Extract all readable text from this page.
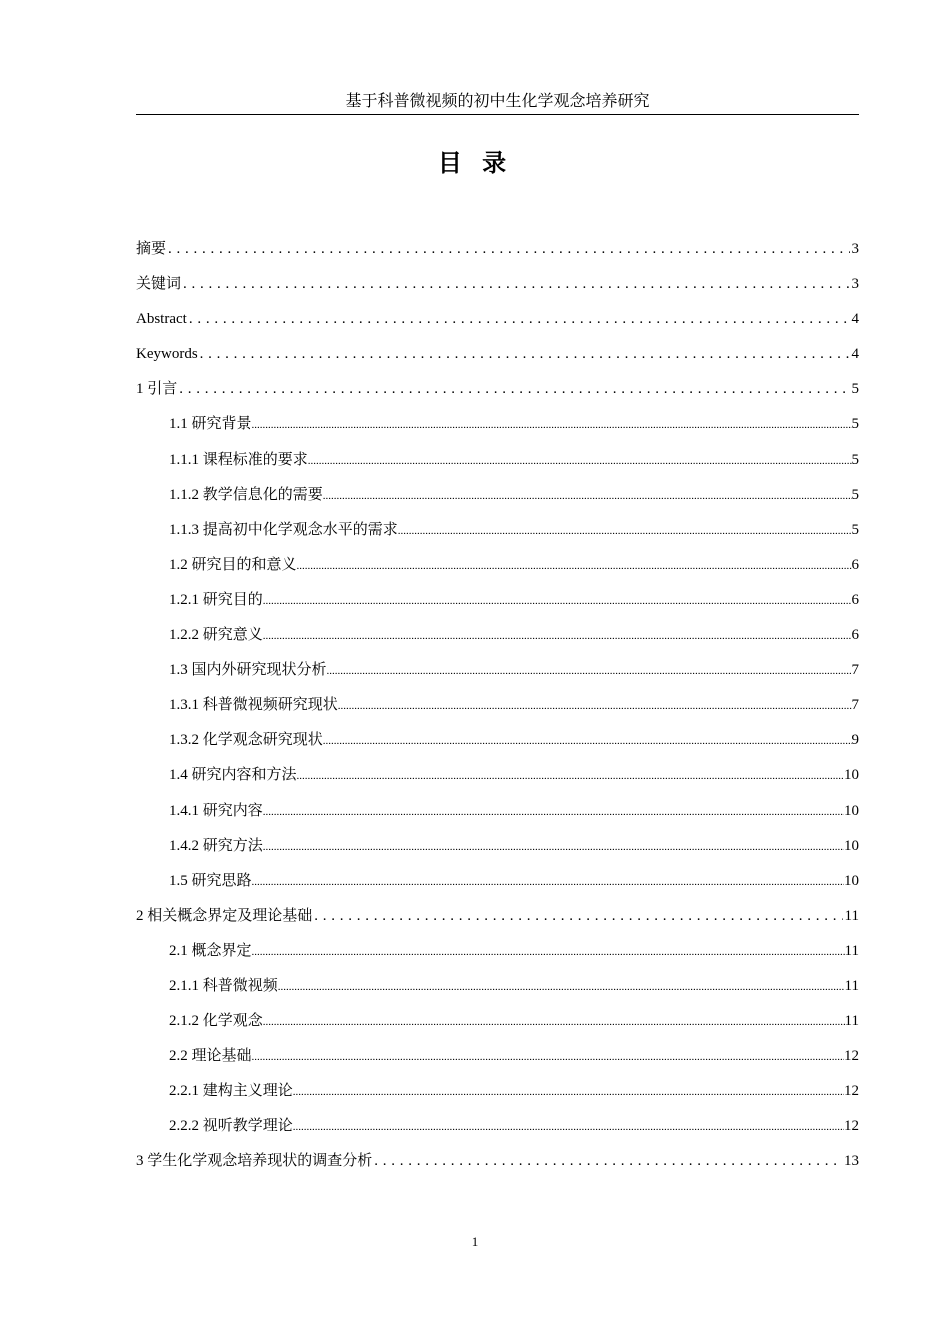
基于科普微视频的初中生化学观念培养研究
目 录
摘要 . . .	3
关键词 . . .	3
Abstract . . .	4
Keywords . . .	4
1 引言 . . .	5
1.1 研究背景 .....	5
1.1.1 课程标准的要求 .....	5
1.1.2 教学信息化的需要 .....	5
1.1.3 提高初中化学观念水平的需求 .....	5
1.2 研究目的和意义 .....	6
1.2.1 研究目的 .....	6
1.2.2 研究意义 .....	6
1.3 国内外研究现状分析 .....	7
1.3.1 科普微视频研究现状 .....	7
1.3.2 化学观念研究现状 .....	9
1.4 研究内容和方法 .....	10
1.4.1 研究内容 .....	10
1.4.2 研究方法 .....	10
1.5 研究思路 .....	10
2 相关概念界定及理论基础 . . .	11
2.1 概念界定 .....	11
2.1.1 科普微视频 .....	11
2.1.2 化学观念 .....	11
2.2 理论基础 .....	12
2.2.1 建构主义理论 .....	12
2.2.2 视听教学理论 .....	12
3 学生化学观念培养现状的调查分析 . . .	13
1
